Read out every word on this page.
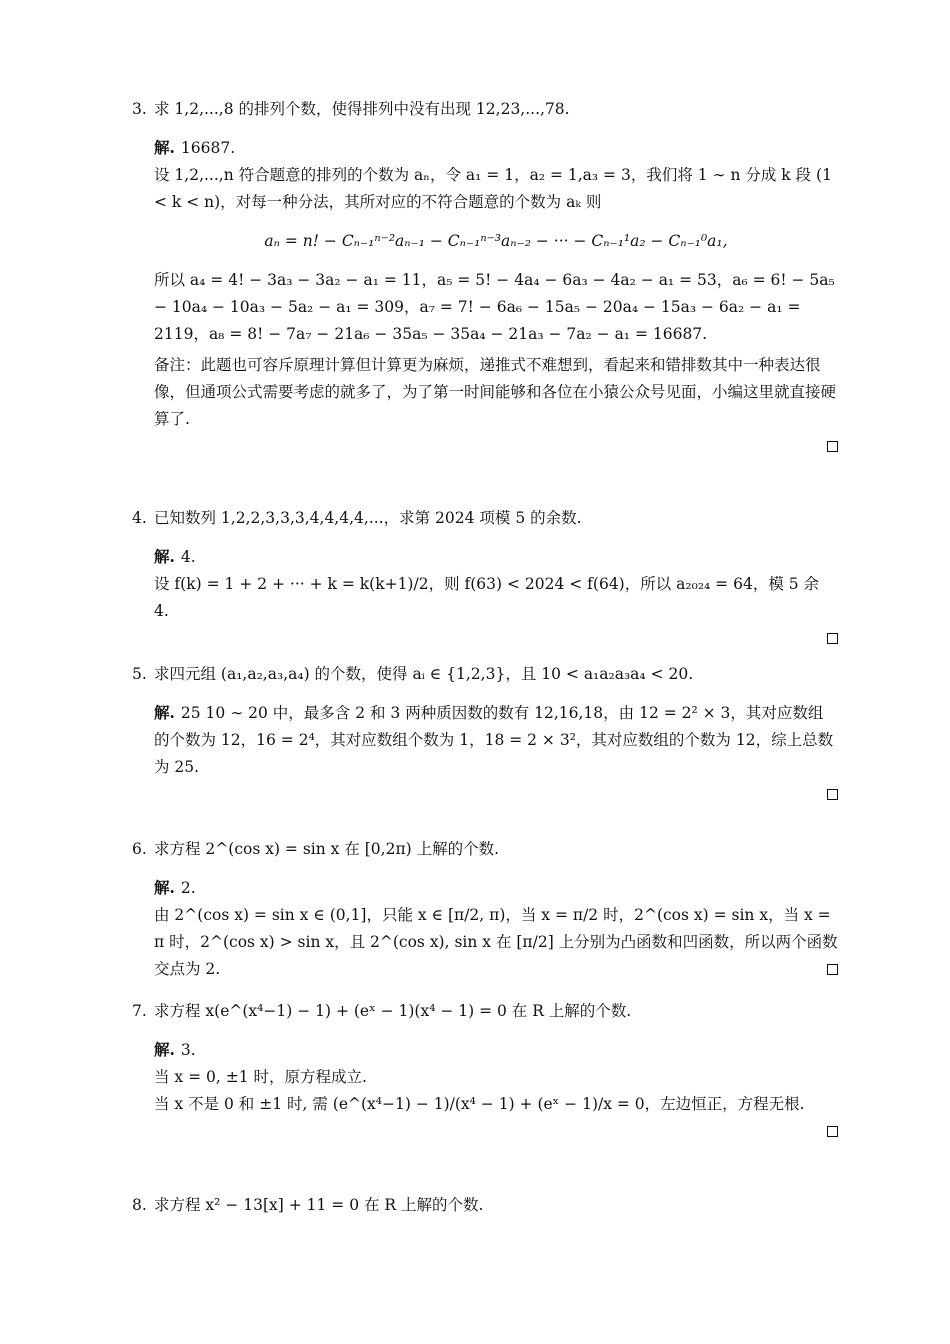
3. 求 1,2,...,8 的排列个数，使得排列中没有出现 12,23,...,78.

解. 16687.

设 1,2,...,n 符合题意的排列的个数为 aₙ，令 a₁ = 1，a₂ = 1,a₃ = 3，我们将 1 ∼ n 分成 k 段 (1 < k < n)，对每一种分法，其所对应的不符合题意的个数为 aₖ 则

aₙ = n! − Cₙ₋₁ⁿ⁻²aₙ₋₁ − Cₙ₋₁ⁿ⁻³aₙ₋₂ − ··· − Cₙ₋₁¹a₂ − Cₙ₋₁⁰a₁,

所以 a₄ = 4! − 3a₃ − 3a₂ − a₁ = 11，a₅ = 5! − 4a₄ − 6a₃ − 4a₂ − a₁ = 53，a₆ = 6! − 5a₅ − 10a₄ − 10a₃ − 5a₂ − a₁ = 309，a₇ = 7! − 6a₆ − 15a₅ − 20a₄ − 15a₃ − 6a₂ − a₁ = 2119，a₈ = 8! − 7a₇ − 21a₆ − 35a₅ − 35a₄ − 21a₃ − 7a₂ − a₁ = 16687.

备注：此题也可容斥原理计算但计算更为麻烦，递推式不难想到，看起来和错排数其中一种表达很像，但通项公式需要考虑的就多了，为了第一时间能够和各位在小猿公众号见面，小编这里就直接硬算了.

4. 已知数列 1,2,2,3,3,3,4,4,4,4,...，求第 2024 项模 5 的余数.

解. 4.

设 f(k) = 1 + 2 + ··· + k = k(k+1)/2，则 f(63) < 2024 < f(64)，所以 a₂₀₂₄ = 64，模 5 余 4.

5. 求四元组 (a₁,a₂,a₃,a₄) 的个数，使得 aᵢ ∈ {1,2,3}，且 10 < a₁a₂a₃a₄ < 20.

解. 25 10 ∼ 20 中，最多含 2 和 3 两种质因数的数有 12,16,18，由 12 = 2² × 3，其对应数组的个数为 12，16 = 2⁴，其对应数组个数为 1，18 = 2 × 3²，其对应数组的个数为 12，综上总数为 25.

6. 求方程 2^(cos x) = sin x 在 [0,2π) 上解的个数.

解. 2.

由 2^(cos x) = sin x ∈ (0,1]，只能 x ∈ [π/2, π)，当 x = π/2 时，2^(cos x) = sin x，当 x = π 时，2^(cos x) > sin x，且 2^(cos x), sin x 在 [π/2] 上分别为凸函数和凹函数，所以两个函数交点为 2.

7. 求方程 x(e^(x⁴−1) − 1) + (eˣ − 1)(x⁴ − 1) = 0 在 R 上解的个数.

解. 3.

当 x = 0, ±1 时，原方程成立.

当 x 不是 0 和 ±1 时, 需 (e^(x⁴−1) − 1)/(x⁴ − 1) + (eˣ − 1)/x = 0，左边恒正，方程无根.

8. 求方程 x² − 13[x] + 11 = 0 在 R 上解的个数.
